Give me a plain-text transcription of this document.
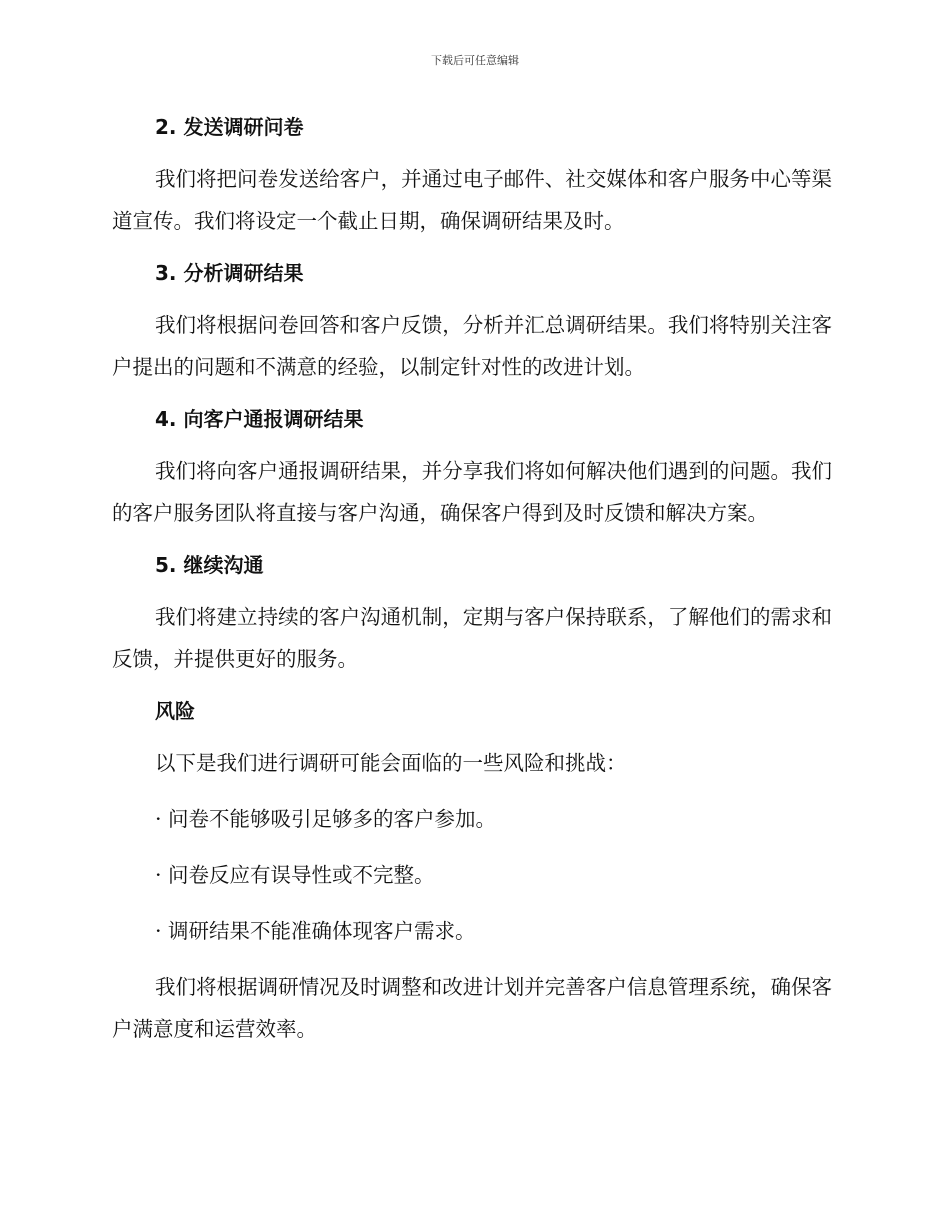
下载后可任意编辑
2. 发送调研问卷

我们将把问卷发送给客户，并通过电子邮件、社交媒体和客户服务中心等渠道宣传。我们将设定一个截止日期，确保调研结果及时。

3. 分析调研结果

我们将根据问卷回答和客户反馈，分析并汇总调研结果。我们将特别关注客户提出的问题和不满意的经验，以制定针对性的改进计划。

4. 向客户通报调研结果

我们将向客户通报调研结果，并分享我们将如何解决他们遇到的问题。我们的客户服务团队将直接与客户沟通，确保客户得到及时反馈和解决方案。

5. 继续沟通

我们将建立持续的客户沟通机制，定期与客户保持联系，了解他们的需求和反馈，并提供更好的服务。

风险

以下是我们进行调研可能会面临的一些风险和挑战：

· 问卷不能够吸引足够多的客户参加。

· 问卷反应有误导性或不完整。

· 调研结果不能准确体现客户需求。

我们将根据调研情况及时调整和改进计划并完善客户信息管理系统，确保客户满意度和运营效率。
